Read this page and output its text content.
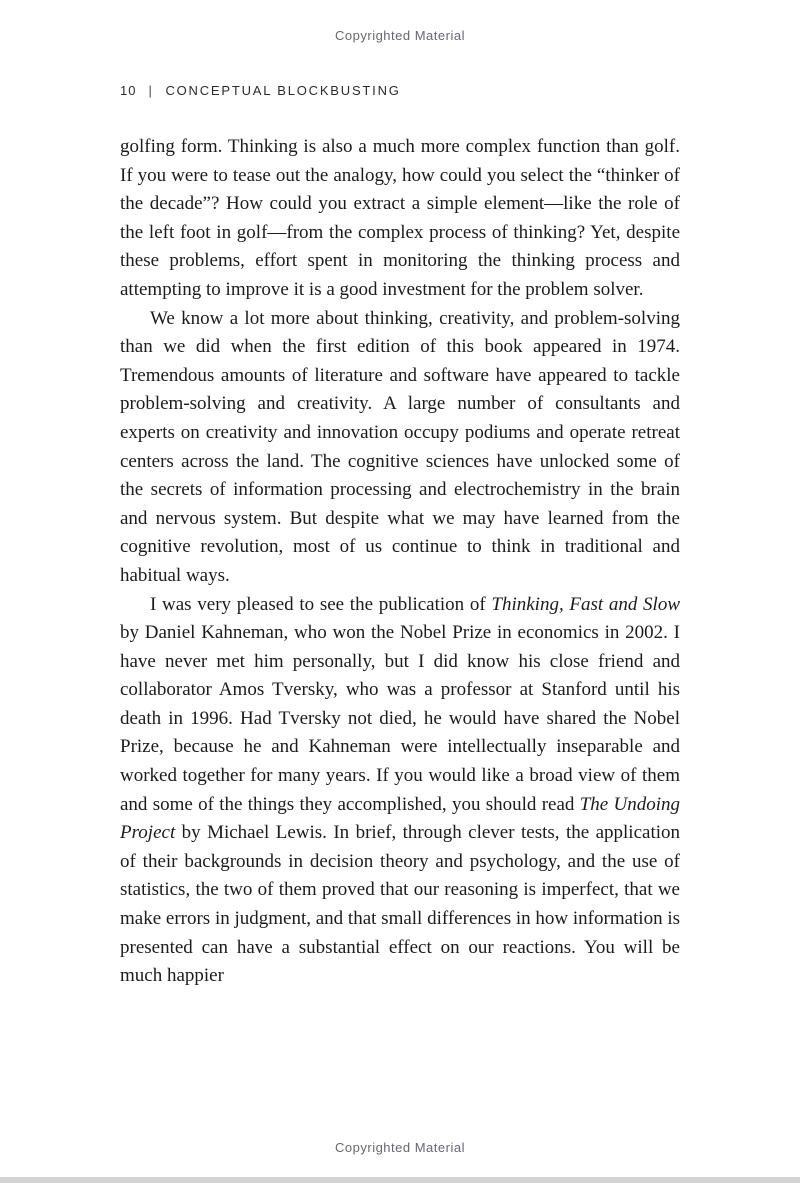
Copyrighted Material
10 | CONCEPTUAL BLOCKBUSTING

golfing form. Thinking is also a much more complex function than golf. If you were to tease out the analogy, how could you select the “thinker of the decade”? How could you extract a simple element—like the role of the left foot in golf—from the complex process of thinking? Yet, despite these problems, effort spent in monitoring the thinking process and attempting to improve it is a good investment for the problem solver.

We know a lot more about thinking, creativity, and problem-solving than we did when the first edition of this book appeared in 1974. Tremendous amounts of literature and software have appeared to tackle problem-solving and creativity. A large number of consultants and experts on creativity and innovation occupy podiums and operate retreat centers across the land. The cognitive sciences have unlocked some of the secrets of information processing and electrochemistry in the brain and nervous system. But despite what we may have learned from the cognitive revolution, most of us continue to think in traditional and habitual ways.

I was very pleased to see the publication of Thinking, Fast and Slow by Daniel Kahneman, who won the Nobel Prize in economics in 2002. I have never met him personally, but I did know his close friend and collaborator Amos Tversky, who was a professor at Stanford until his death in 1996. Had Tversky not died, he would have shared the Nobel Prize, because he and Kahneman were intellectually inseparable and worked together for many years. If you would like a broad view of them and some of the things they accomplished, you should read The Undoing Project by Michael Lewis. In brief, through clever tests, the application of their backgrounds in decision theory and psychology, and the use of statistics, the two of them proved that our reasoning is imperfect, that we make errors in judgment, and that small differences in how information is presented can have a substantial effect on our reactions. You will be much happier

Copyrighted Material
